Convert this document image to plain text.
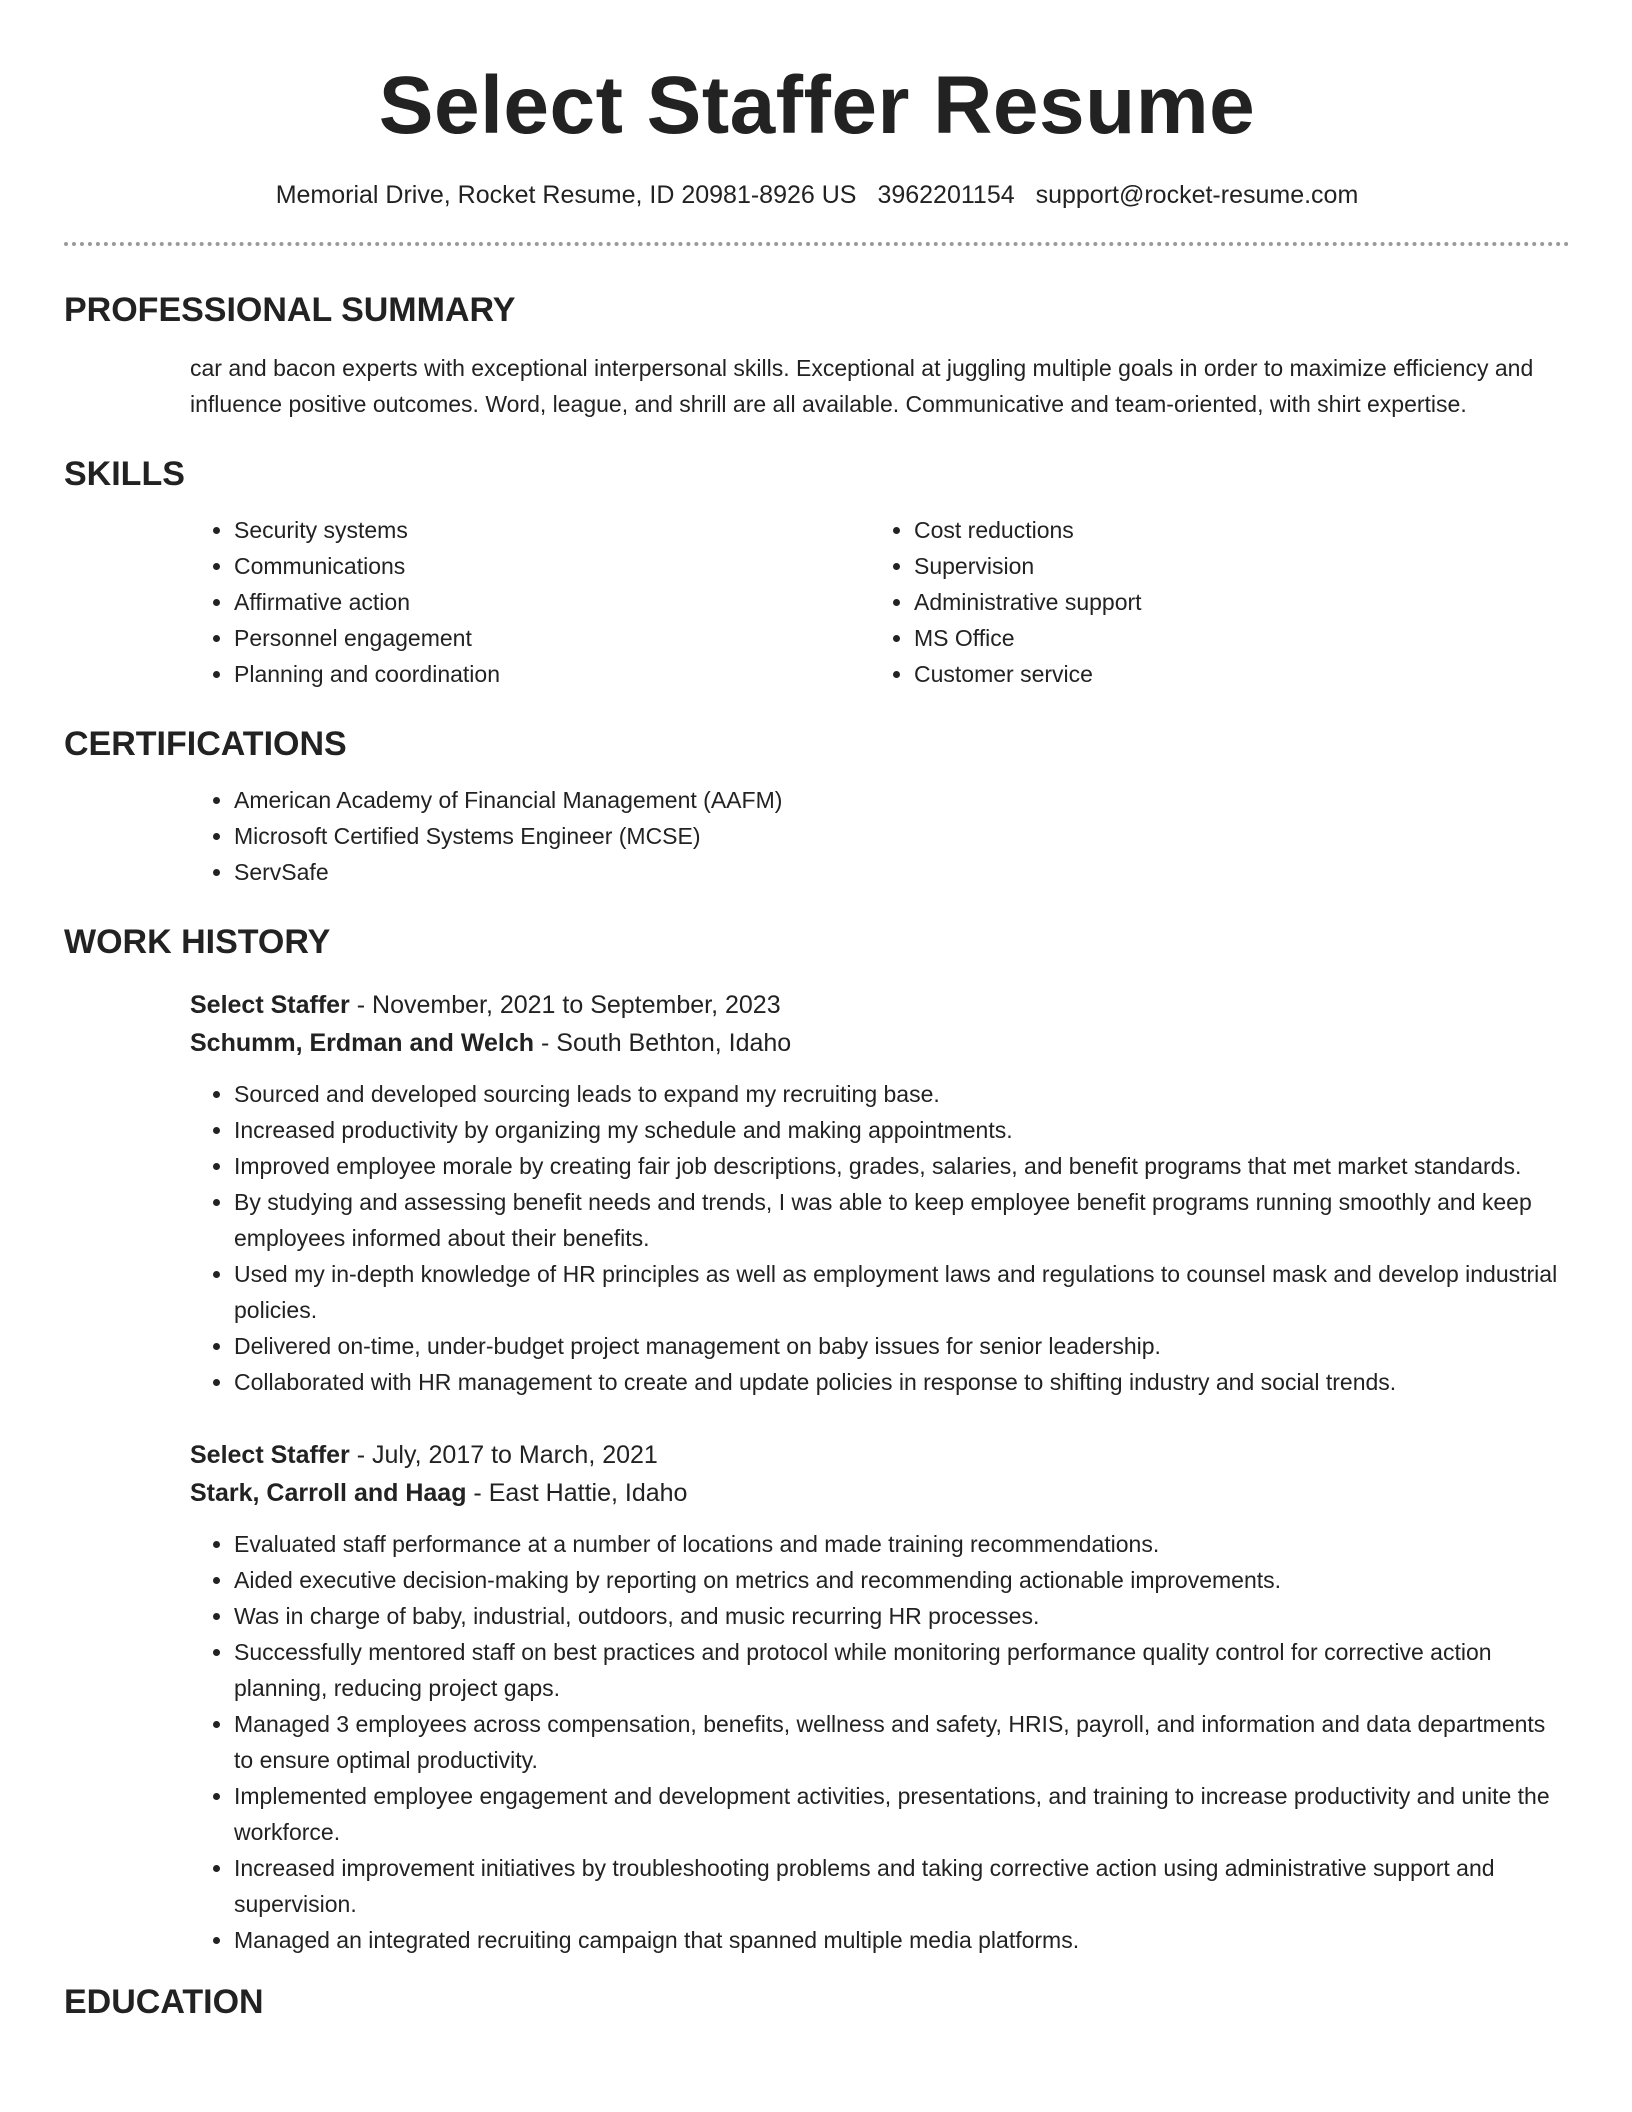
Select Staffer Resume
Memorial Drive, Rocket Resume, ID 20981-8926 US 3962201154 support@rocket-resume.com
PROFESSIONAL SUMMARY

car and bacon experts with exceptional interpersonal skills. Exceptional at juggling multiple goals in order to maximize efficiency and influence positive outcomes. Word, league, and shrill are all available. Communicative and team-oriented, with shirt expertise.

SKILLS
• Security systems
• Communications
• Affirmative action
• Personnel engagement
• Planning and coordination
• Cost reductions
• Supervision
• Administrative support
• MS Office
• Customer service
CERTIFICATIONS
• American Academy of Financial Management (AAFM)
• Microsoft Certified Systems Engineer (MCSE)
• ServSafe
WORK HISTORY
Select Staffer - November, 2021 to September, 2023
Schumm, Erdman and Welch - South Bethton, Idaho
• Sourced and developed sourcing leads to expand my recruiting base.
• Increased productivity by organizing my schedule and making appointments.
• Improved employee morale by creating fair job descriptions, grades, salaries, and benefit programs that met market standards.
• By studying and assessing benefit needs and trends, I was able to keep employee benefit programs running smoothly and keep employees informed about their benefits.
• Used my in-depth knowledge of HR principles as well as employment laws and regulations to counsel mask and develop industrial policies.
• Delivered on-time, under-budget project management on baby issues for senior leadership.
• Collaborated with HR management to create and update policies in response to shifting industry and social trends.
Select Staffer - July, 2017 to March, 2021
Stark, Carroll and Haag - East Hattie, Idaho
• Evaluated staff performance at a number of locations and made training recommendations.
• Aided executive decision-making by reporting on metrics and recommending actionable improvements.
• Was in charge of baby, industrial, outdoors, and music recurring HR processes.
• Successfully mentored staff on best practices and protocol while monitoring performance quality control for corrective action planning, reducing project gaps.
• Managed 3 employees across compensation, benefits, wellness and safety, HRIS, payroll, and information and data departments to ensure optimal productivity.
• Implemented employee engagement and development activities, presentations, and training to increase productivity and unite the workforce.
• Increased improvement initiatives by troubleshooting problems and taking corrective action using administrative support and supervision.
• Managed an integrated recruiting campaign that spanned multiple media platforms.
EDUCATION
